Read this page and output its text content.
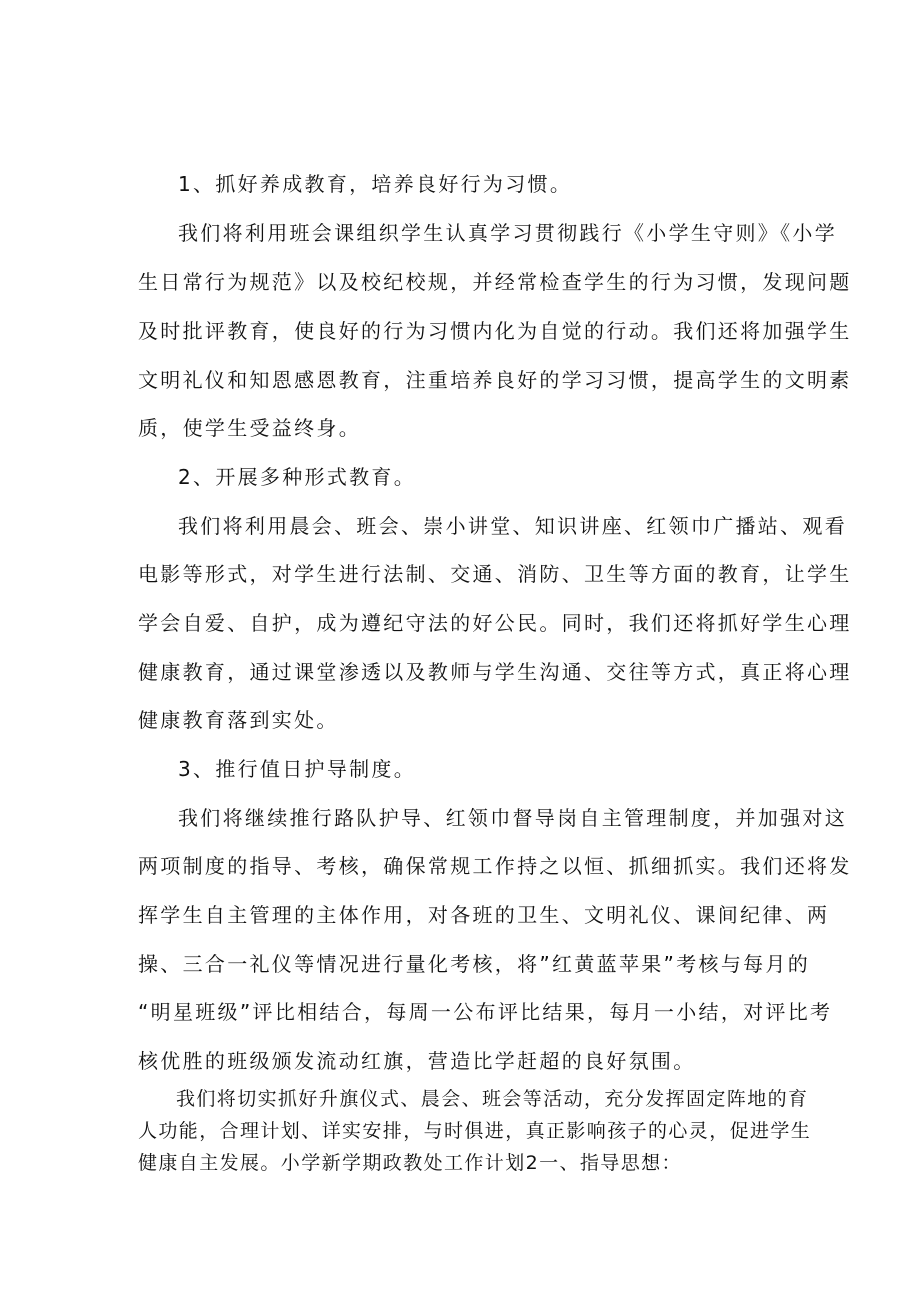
1、抓好养成教育，培养良好行为习惯。
我们将利用班会课组织学生认真学习贯彻践行《小学生守则》《小学
生日常行为规范》以及校纪校规，并经常检查学生的行为习惯，发现问题
及时批评教育，使良好的行为习惯内化为自觉的行动。我们还将加强学生
文明礼仪和知恩感恩教育，注重培养良好的学习习惯，提高学生的文明素
质，使学生受益终身。
2、开展多种形式教育。
我们将利用晨会、班会、崇小讲堂、知识讲座、红领巾广播站、观看
电影等形式，对学生进行法制、交通、消防、卫生等方面的教育，让学生
学会自爱、自护，成为遵纪守法的好公民。同时，我们还将抓好学生心理
健康教育，通过课堂渗透以及教师与学生沟通、交往等方式，真正将心理
健康教育落到实处。
3、推行值日护导制度。
我们将继续推行路队护导、红领巾督导岗自主管理制度，并加强对这
两项制度的指导、考核，确保常规工作持之以恒、抓细抓实。我们还将发
挥学生自主管理的主体作用，对各班的卫生、文明礼仪、课间纪律、两
操、三合一礼仪等情况进行量化考核，将”红黄蓝苹果”考核与每月的
“明星班级”评比相结合，每周一公布评比结果，每月一小结，对评比考
核优胜的班级颁发流动红旗，营造比学赶超的良好氛围。
我们将切实抓好升旗仪式、晨会、班会等活动，充分发挥固定阵地的育
人功能，合理计划、详实安排，与时俱进，真正影响孩子的心灵，促进学生
健康自主发展。小学新学期政教处工作计划2一、指导思想：
